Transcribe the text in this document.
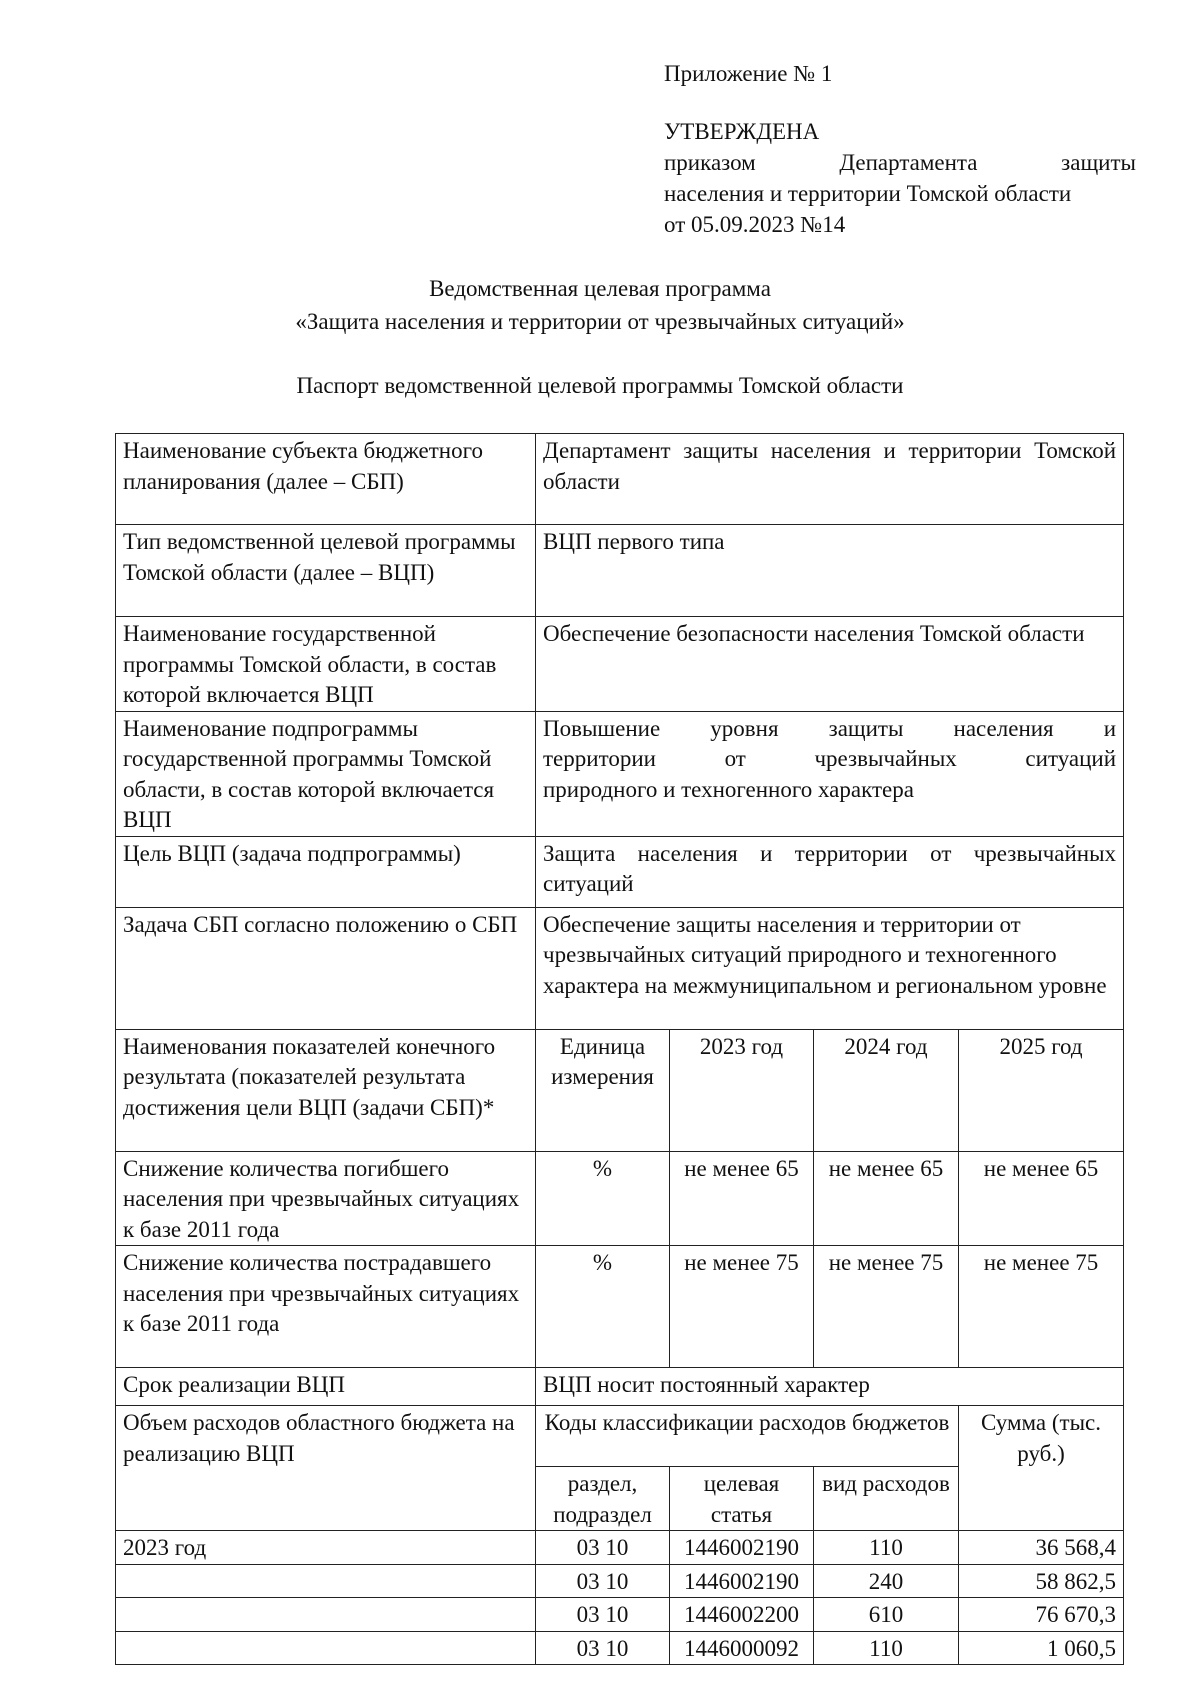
Приложение № 1
УТВЕРЖДЕНА
приказом Департамента защиты
населения и территории Томской области
от 05.09.2023 №14
Ведомственная целевая программа
«Защита населения и территории от чрезвычайных ситуаций»
Паспорт ведомственной целевой программы Томской области
Наименование субъекта бюджетного планирования (далее – СБП)	Департамент защиты населения и территории Томской области			
Тип ведомственной целевой программы Томской области (далее – ВЦП)	ВЦП первого типа			
Наименование государственной программы Томской области, в состав которой включается ВЦП	Обеспечение безопасности населения Томской области			
Наименование подпрограммы государственной программы Томской области, в состав которой включается ВЦП	Повышение уровня защиты населения и
территории от чрезвычайных ситуаций
природного и техногенного характера			

Цель ВЦП (задача подпрограммы)	Защита населения и территории от чрезвычайных ситуаций			
Задача СБП согласно положению о СБП	Обеспечение защиты населения и территории от чрезвычайных ситуаций природного и техногенного характера на межмуниципальном и региональном уровне			
Наименования показателей конечного результата (показателей результата достижения цели ВЦП (задачи СБП)*	Единица измерения	2023 год	2024 год	2025 год
Снижение количества погибшего населения при чрезвычайных ситуациях к базе 2011 года	%	не менее 65	не менее 65	не менее 65
Снижение количества пострадавшего населения при чрезвычайных ситуациях к базе 2011 года	%	не менее 75	не менее 75	не менее 75
Срок реализации ВЦП	ВЦП носит постоянный характер			
Объем расходов областного бюджета на реализацию ВЦП	Коды классификации расходов бюджетов			Сумма (тыс. руб.)
	раздел, подраздел	целевая статья	вид расходов	
2023 год	03 10	1446002190	110	36 568,4
	03 10	1446002190	240	58 862,5
	03 10	1446002200	610	76 670,3
	03 10	1446000092	110	1 060,5
